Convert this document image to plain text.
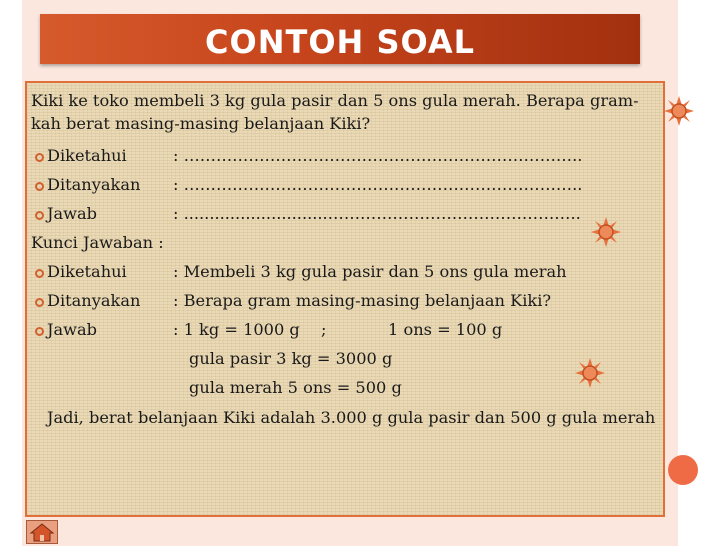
CONTOH SOAL
Kiki ke toko membeli 3 kg gula pasir dan 5 ons gula merah. Berapa gram-kah berat masing-masing belanjaan Kiki?
Diketahui	: ………………………………………………………………..
Ditanyakan : ………………………………………………………………..
Jawab	: ............................………………………………………..
Kunci Jawaban :
Diketahui	: Membeli 3 kg gula pasir dan 5 ons gula merah
Ditanyakan : Berapa gram masing-masing belanjaan Kiki?
Jawab	: 1 kg = 1000 g ;	1 ons = 100 g
gula pasir 3 kg = 3000 g
gula merah 5 ons = 500 g
Jadi, berat belanjaan Kiki adalah 3.000 g gula pasir dan 500 g gula merah
